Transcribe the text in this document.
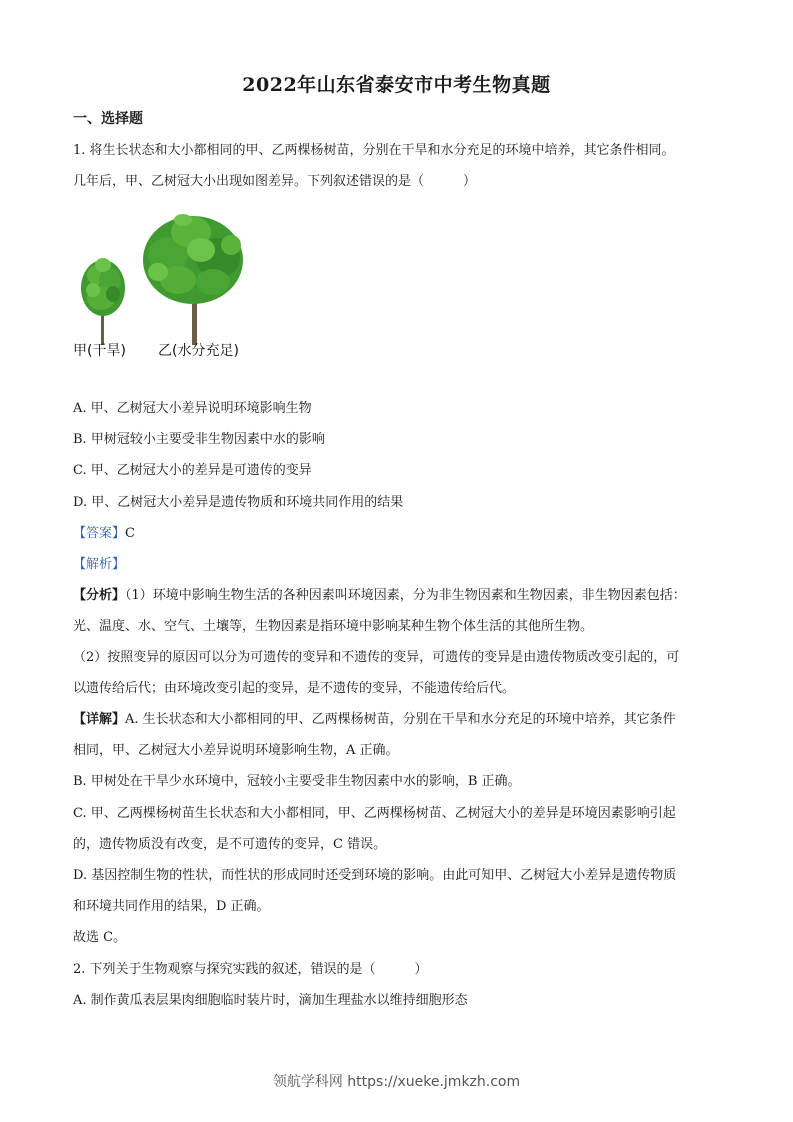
2022年山东省泰安市中考生物真题
一、选择题
1. 将生长状态和大小都相同的甲、乙两棵杨树苗，分别在干旱和水分充足的环境中培养，其它条件相同。
几年后，甲、乙树冠大小出现如图差异。下列叙述错误的是（　　　）
甲(干旱) 乙(水分充足)
A. 甲、乙树冠大小差异说明环境影响生物
B. 甲树冠较小主要受非生物因素中水的影响
C. 甲、乙树冠大小的差异是可遗传的变异
D. 甲、乙树冠大小差异是遗传物质和环境共同作用的结果
【答案】C
【解析】
【分析】（1）环境中影响生物生活的各种因素叫环境因素，分为非生物因素和生物因素，非生物因素包括：
光、温度、水、空气、土壤等，生物因素是指环境中影响某种生物个体生活的其他所生物。
（2）按照变异的原因可以分为可遗传的变异和不遗传的变异，可遗传的变异是由遗传物质改变引起的，可
以遗传给后代；由环境改变引起的变异，是不遗传的变异，不能遗传给后代。
【详解】A. 生长状态和大小都相同的甲、乙两棵杨树苗，分别在干旱和水分充足的环境中培养，其它条件
相同，甲、乙树冠大小差异说明环境影响生物，A 正确。
B. 甲树处在干旱少水环境中，冠较小主要受非生物因素中水的影响，B 正确。
C. 甲、乙两棵杨树苗生长状态和大小都相同，甲、乙两棵杨树苗、乙树冠大小的差异是环境因素影响引起
的，遗传物质没有改变，是不可遗传的变异，C 错误。
D. 基因控制生物的性状，而性状的形成同时还受到环境的影响。由此可知甲、乙树冠大小差异是遗传物质
和环境共同作用的结果，D 正确。
故选 C。
2. 下列关于生物观察与探究实践的叙述，错误的是（　　　）
A. 制作黄瓜表层果肉细胞临时装片时，滴加生理盐水以维持细胞形态
领航学科网 https://xueke.jmkzh.com
